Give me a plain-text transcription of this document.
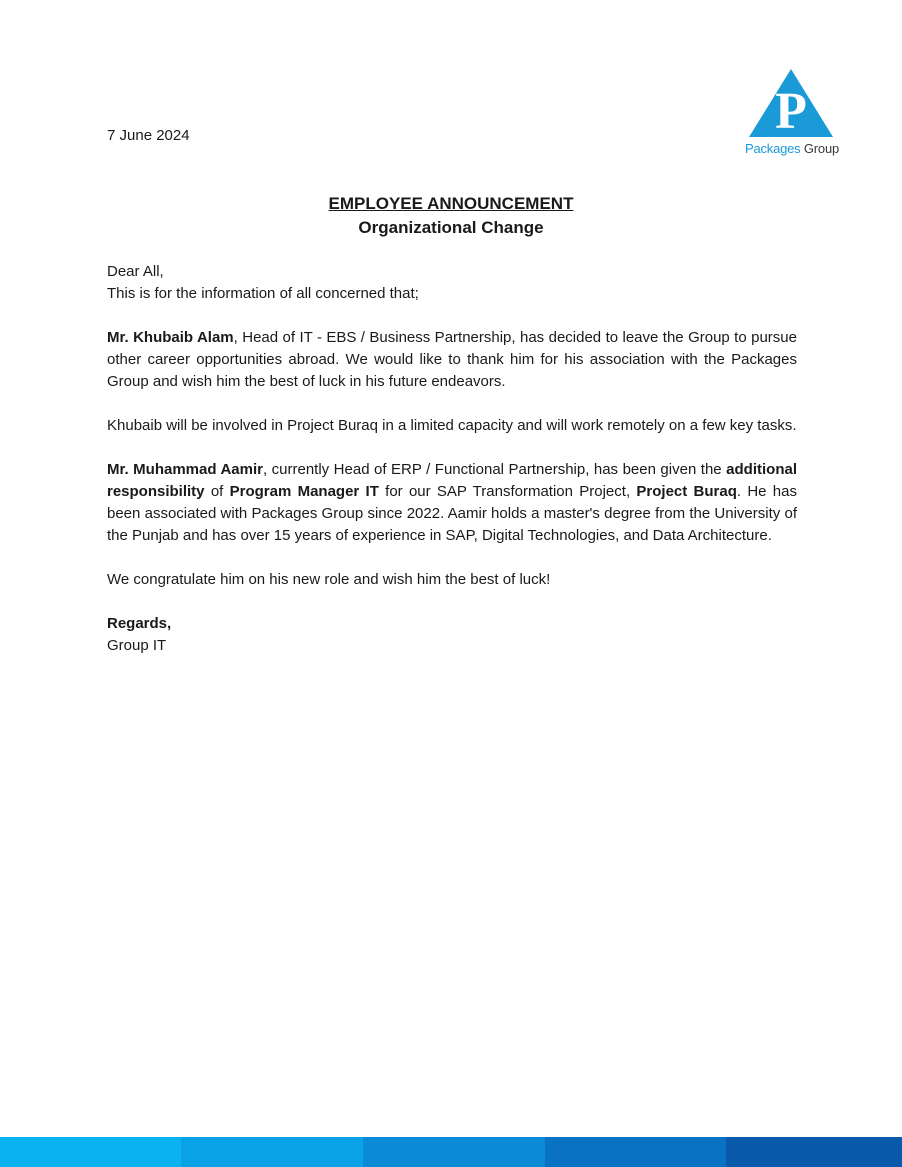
P
Packages Group
7 June 2024
EMPLOYEE ANNOUNCEMENT
Organizational Change

Dear All,

This is for the information of all concerned that;

Mr. Khubaib Alam, Head of IT - EBS / Business Partnership, has decided to leave the Group to pursue other career opportunities abroad. We would like to thank him for his association with the Packages Group and wish him the best of luck in his future endeavors.

Khubaib will be involved in Project Buraq in a limited capacity and will work remotely on a few key tasks.

Mr. Muhammad Aamir, currently Head of ERP / Functional Partnership, has been given the additional responsibility of Program Manager IT for our SAP Transformation Project, Project Buraq. He has been associated with Packages Group since 2022. Aamir holds a master's degree from the University of the Punjab and has over 15 years of experience in SAP, Digital Technologies, and Data Architecture.

We congratulate him on his new role and wish him the best of luck!

Regards,

Group IT
